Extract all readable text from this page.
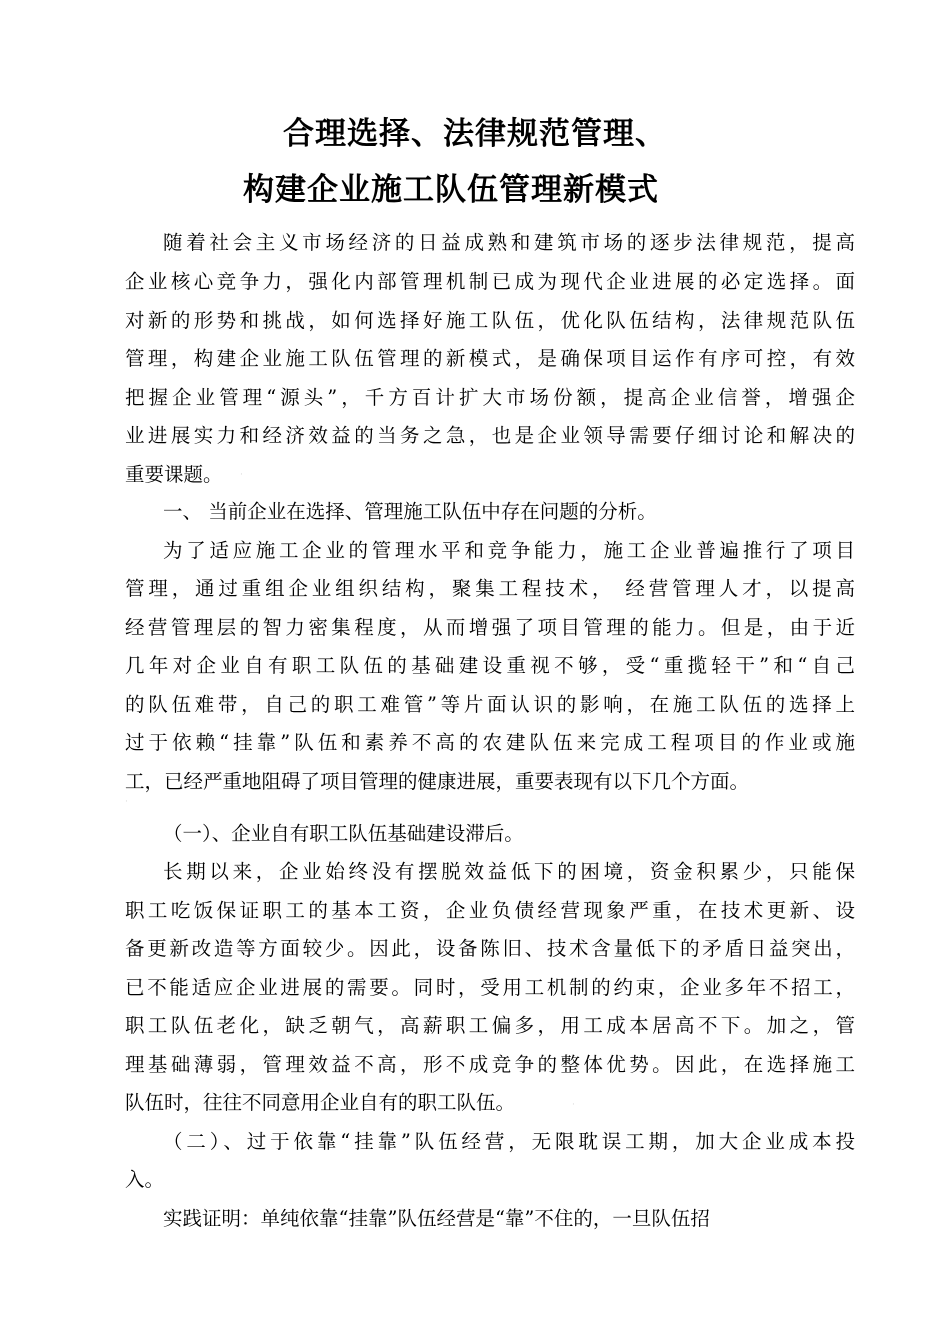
合理选择、法律规范管理、
构建企业施工队伍管理新模式
随着社会主义市场经济的日益成熟和建筑市场的逐步法律规范，提高
企业核心竞争力，强化内部管理机制已成为现代企业进展的必定选择。面
对新的形势和挑战，如何选择好施工队伍，优化队伍结构，法律规范队伍
管理，构建企业施工队伍管理的新模式，是确保项目运作有序可控，有效
把握企业管理“源头”，千方百计扩大市场份额，提高企业信誉，增强企
业进展实力和经济效益的当务之急，也是企业领导需要仔细讨论和解决的
重要课题。
一、 当前企业在选择、管理施工队伍中存在问题的分析。
为了适应施工企业的管理水平和竞争能力，施工企业普遍推行了项目
管理，通过重组企业组织结构，聚集工程技术， 经营管理人才，以提高
经营管理层的智力密集程度，从而增强了项目管理的能力。但是，由于近
几年对企业自有职工队伍的基础建设重视不够，受“重揽轻干”和“自己
的队伍难带，自己的职工难管”等片面认识的影响，在施工队伍的选择上
过于依赖“挂靠”队伍和素养不高的农建队伍来完成工程项目的作业或施
工，已经严重地阻碍了项目管理的健康进展，重要表现有以下几个方面。
（一）、企业自有职工队伍基础建设滞后。
长期以来，企业始终没有摆脱效益低下的困境，资金积累少，只能保
职工吃饭保证职工的基本工资，企业负债经营现象严重，在技术更新、设
备更新改造等方面较少。因此，设备陈旧、技术含量低下的矛盾日益突出，
已不能适应企业进展的需要。同时，受用工机制的约束，企业多年不招工，
职工队伍老化，缺乏朝气，高薪职工偏多，用工成本居高不下。加之，管
理基础薄弱，管理效益不高，形不成竞争的整体优势。因此，在选择施工
队伍时，往往不同意用企业自有的职工队伍。
（二）、过于依靠“挂靠”队伍经营，无限耽误工期，加大企业成本投
入。
实践证明：单纯依靠“挂靠”队伍经营是“靠”不住的，一旦队伍招
·
·
·
